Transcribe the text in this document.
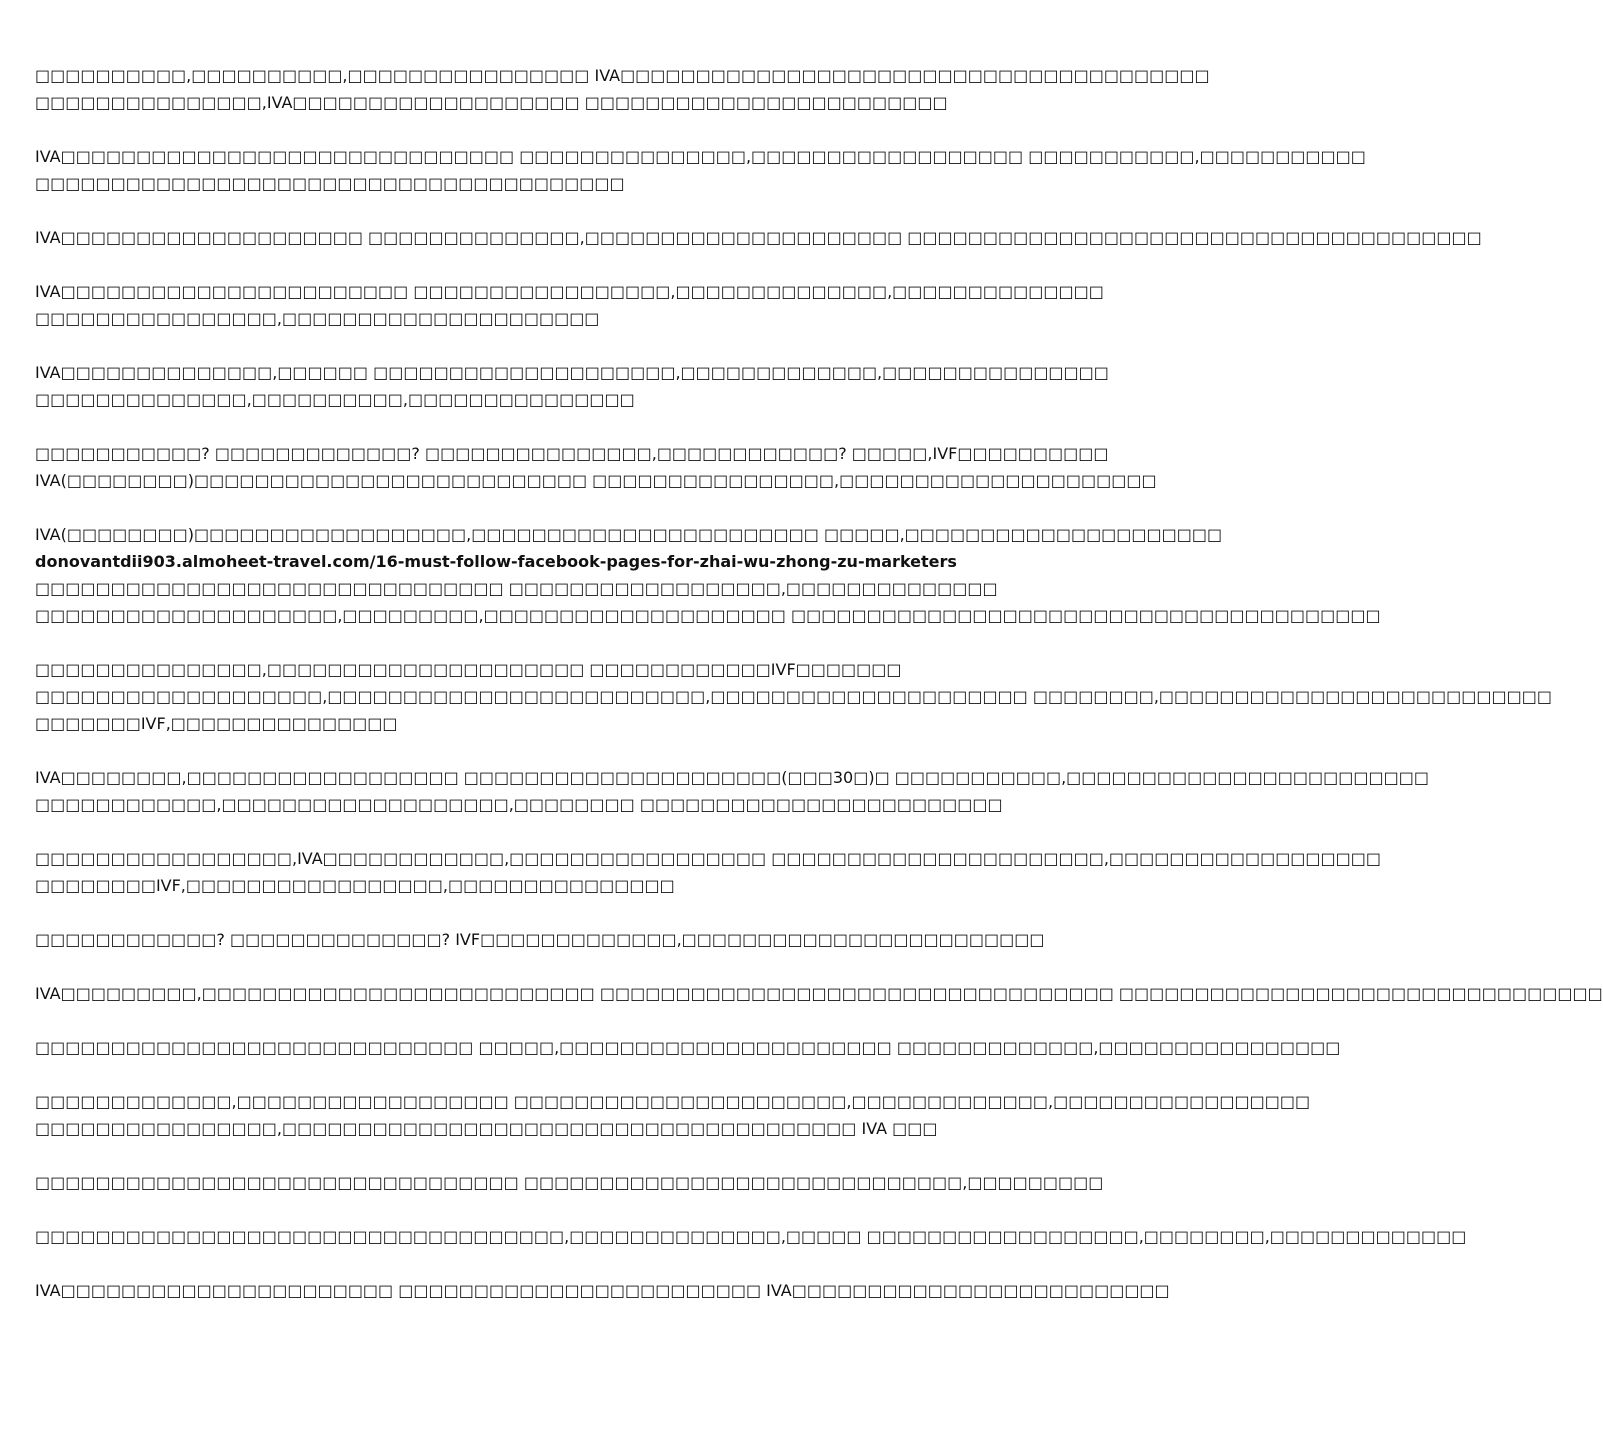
□□□□□□□□□□,□□□□□□□□□□,□□□□□□□□□□□□□□□□ IVA□□□□□□□□□□□□□□□□□□□□□□□□□□□□□□□□□□□□□□□
□□□□□□□□□□□□□□□,IVA□□□□□□□□□□□□□□□□□□□ □□□□□□□□□□□□□□□□□□□□□□□□

IVA□□□□□□□□□□□□□□□□□□□□□□□□□□□□□□ □□□□□□□□□□□□□□□,□□□□□□□□□□□□□□□□□□ □□□□□□□□□□□,□□□□□□□□□□□
□□□□□□□□□□□□□□□□□□□□□□□□□□□□□□□□□□□□□□□

IVA□□□□□□□□□□□□□□□□□□□□ □□□□□□□□□□□□□□,□□□□□□□□□□□□□□□□□□□□□ □□□□□□□□□□□□□□□□□□□□□□□□□□□□□□□□□□□□□□

IVA□□□□□□□□□□□□□□□□□□□□□□□ □□□□□□□□□□□□□□□□□,□□□□□□□□□□□□□□,□□□□□□□□□□□□□□
□□□□□□□□□□□□□□□□,□□□□□□□□□□□□□□□□□□□□□

IVA□□□□□□□□□□□□□□,□□□□□□ □□□□□□□□□□□□□□□□□□□□,□□□□□□□□□□□□□,□□□□□□□□□□□□□□□
□□□□□□□□□□□□□□,□□□□□□□□□□,□□□□□□□□□□□□□□□

□□□□□□□□□□□? □□□□□□□□□□□□□? □□□□□□□□□□□□□□□,□□□□□□□□□□□□? □□□□□,IVF□□□□□□□□□□
IVA(□□□□□□□□)□□□□□□□□□□□□□□□□□□□□□□□□□□ □□□□□□□□□□□□□□□□,□□□□□□□□□□□□□□□□□□□□□

IVA(□□□□□□□□)□□□□□□□□□□□□□□□□□□,□□□□□□□□□□□□□□□□□□□□□□□ □□□□□,□□□□□□□□□□□□□□□□□□□□□
donovantdii903.almoheet-travel.com/16-must-follow-facebook-pages-for-zhai-wu-zhong-zu-marketers
□□□□□□□□□□□□□□□□□□□□□□□□□□□□□□□ □□□□□□□□□□□□□□□□□□,□□□□□□□□□□□□□□
□□□□□□□□□□□□□□□□□□□□,□□□□□□□□□,□□□□□□□□□□□□□□□□□□□□ □□□□□□□□□□□□□□□□□□□□□□□□□□□□□□□□□□□□□□□

□□□□□□□□□□□□□□□,□□□□□□□□□□□□□□□□□□□□□ □□□□□□□□□□□□IVF□□□□□□□
□□□□□□□□□□□□□□□□□□□,□□□□□□□□□□□□□□□□□□□□□□□□□,□□□□□□□□□□□□□□□□□□□□□ □□□□□□□□,□□□□□□□□□□□□□□□□□□□□□□□□□□
□□□□□□□IVF,□□□□□□□□□□□□□□□

IVA□□□□□□□□,□□□□□□□□□□□□□□□□□□ □□□□□□□□□□□□□□□□□□□□□(□□□30□)□ □□□□□□□□□□□,□□□□□□□□□□□□□□□□□□□□□□□□
□□□□□□□□□□□□,□□□□□□□□□□□□□□□□□□□,□□□□□□□□ □□□□□□□□□□□□□□□□□□□□□□□□

□□□□□□□□□□□□□□□□□,IVA□□□□□□□□□□□□,□□□□□□□□□□□□□□□□□ □□□□□□□□□□□□□□□□□□□□□□,□□□□□□□□□□□□□□□□□□
□□□□□□□□IVF,□□□□□□□□□□□□□□□□□,□□□□□□□□□□□□□□□

□□□□□□□□□□□□? □□□□□□□□□□□□□□? IVF□□□□□□□□□□□□□,□□□□□□□□□□□□□□□□□□□□□□□□

IVA□□□□□□□□□,□□□□□□□□□□□□□□□□□□□□□□□□□□ □□□□□□□□□□□□□□□□□□□□□□□□□□□□□□□□□□ □□□□□□□□□□□□□□□□□□□□□□□□□□□□□□□□

□□□□□□□□□□□□□□□□□□□□□□□□□□□□□ □□□□□,□□□□□□□□□□□□□□□□□□□□□□ □□□□□□□□□□□□□,□□□□□□□□□□□□□□□□

□□□□□□□□□□□□□,□□□□□□□□□□□□□□□□□□ □□□□□□□□□□□□□□□□□□□□□□,□□□□□□□□□□□□□,□□□□□□□□□□□□□□□□□
□□□□□□□□□□□□□□□□,□□□□□□□□□□□□□□□□□□□□□□□□□□□□□□□□□□□□□□ IVA □□□

□□□□□□□□□□□□□□□□□□□□□□□□□□□□□□□□ □□□□□□□□□□□□□□□□□□□□□□□□□□□□□,□□□□□□□□□

□□□□□□□□□□□□□□□□□□□□□□□□□□□□□□□□□□□,□□□□□□□□□□□□□□,□□□□□ □□□□□□□□□□□□□□□□□□,□□□□□□□□,□□□□□□□□□□□□□

IVA□□□□□□□□□□□□□□□□□□□□□□ □□□□□□□□□□□□□□□□□□□□□□□□ IVA□□□□□□□□□□□□□□□□□□□□□□□□□
